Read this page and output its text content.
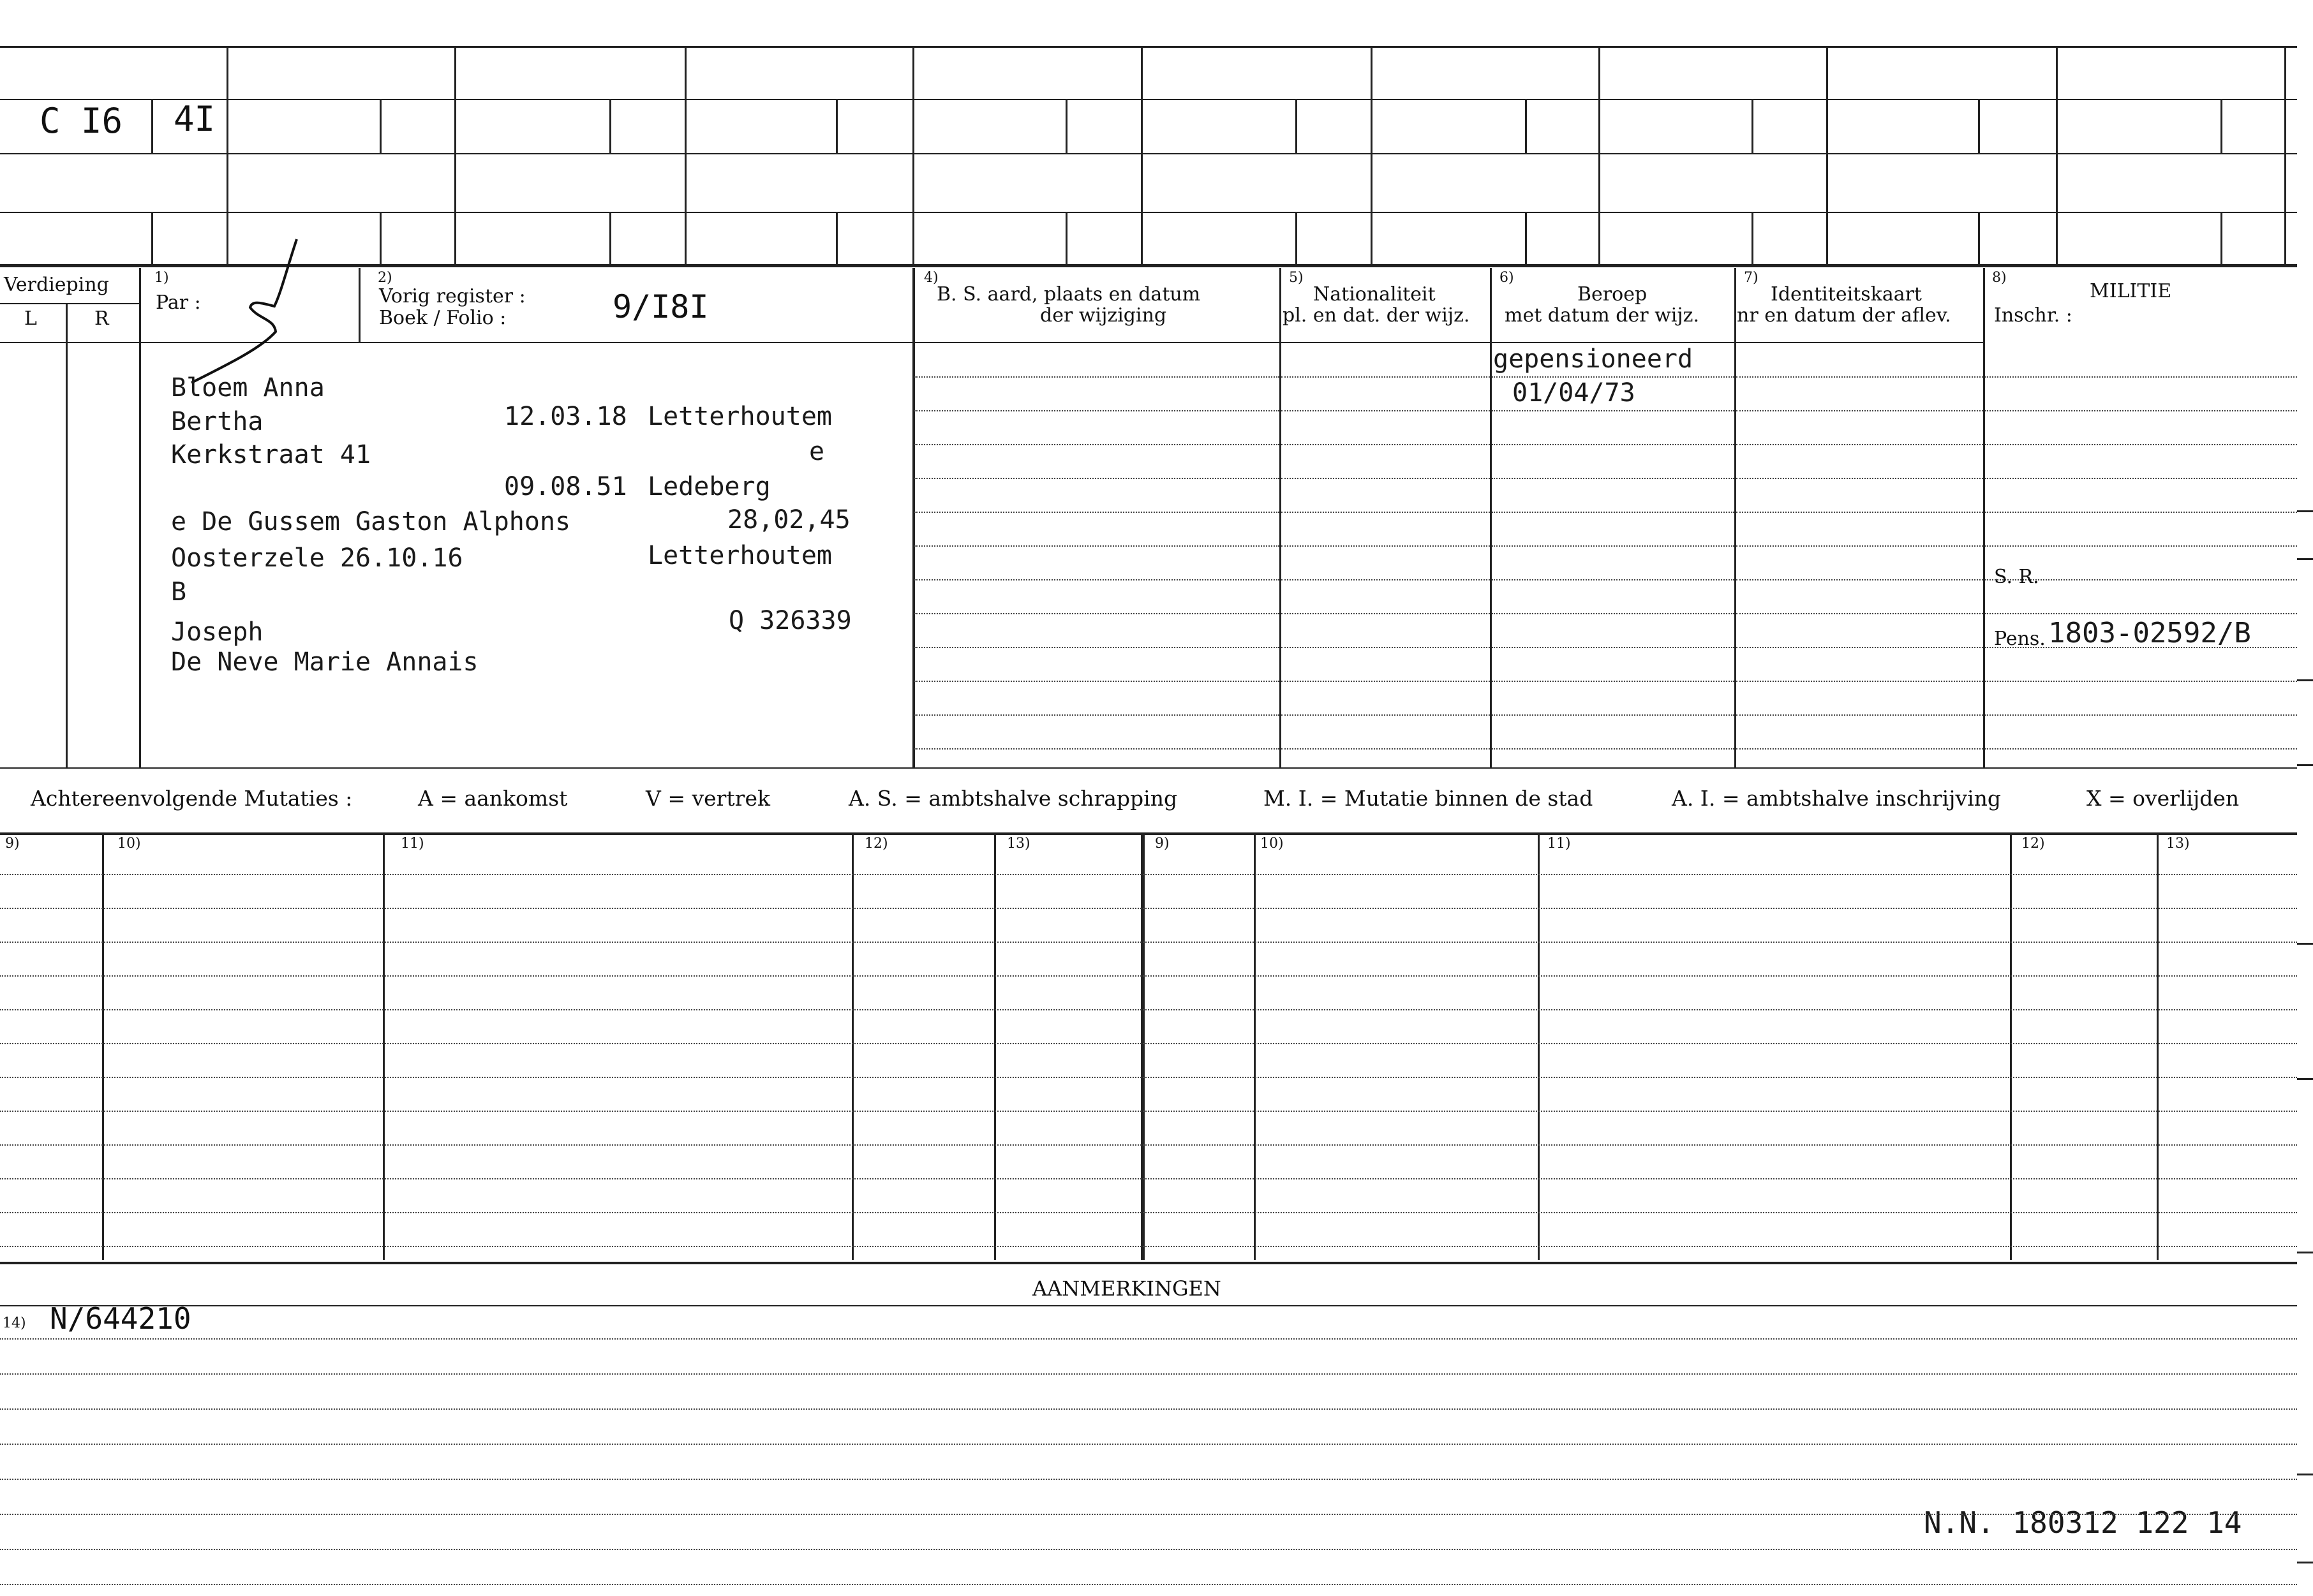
C I6 4I
Verdieping
L	R
1)
Par :
2)
Vorig register :
Boek / Folio :	9/I8I
4)
B. S. aard, plaats en datum
der wijziging
5)
Nationaliteit
pl. en dat. der wijz.
6)
Beroep
met datum der wijz.
7)
Identiteitskaart
nr en datum der aflev.
8)
MILITIE
Inschr. :
Bloem Anna
Bertha	12.03.18 Letterhoutem
Kerkstraat 41	e
09.08.51 Ledeberg
e De Gussem Gaston Alphons	28,02,45
Oosterzele 26.10.16	Letterhoutem
B
Joseph	Q 326339
De Neve Marie Annais
gepensioneerd
01/04/73
S. R.
Pens. 1803-02592/B
Achtereenvolgende Mutaties :	A = aankomst	V = vertrek	A. S. = ambtshalve schrapping	M. I. = Mutatie binnen de stad	A. I. = ambtshalve inschrijving	X = overlijden
9)	10)	11)	12)	13)	9)	10)	11)	12)	13)
AANMERKINGEN
14) N/644210
N.N. 180312 122 14
